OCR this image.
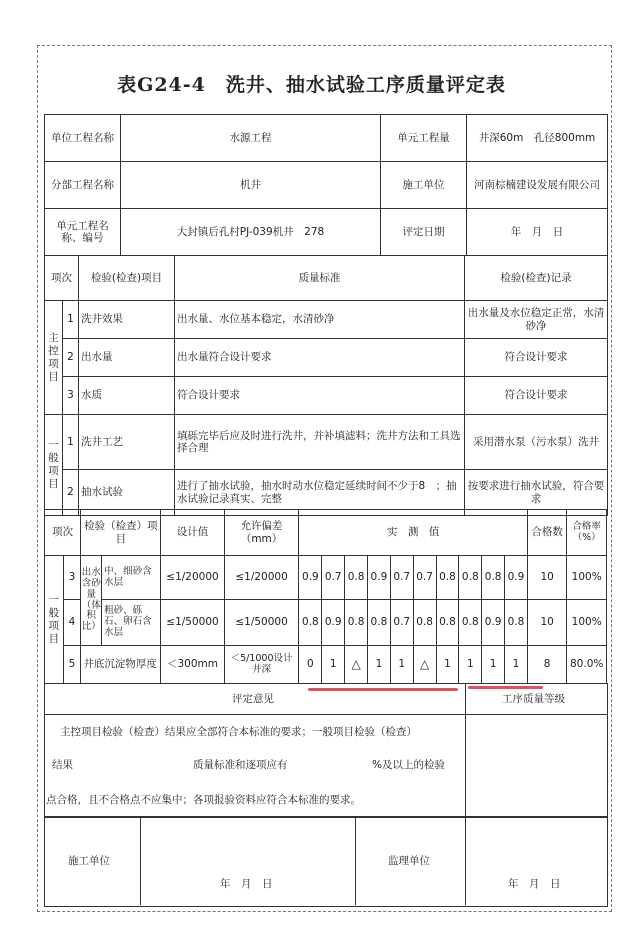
表G24-4　洗井、抽水试验工序质量评定表
单位工程名称	水源工程	单元工程量	井深60m　孔径800mm
分部工程名称	机井	施工单位	河南棕楠建设发展有限公司
单元工程名称、编号	大封镇后孔村PJ-039机井　278	评定日期	年　月　日
项次		检验(检查)项目	质量标准	检验(检查)记录
主控项目	1	洗井效果	出水量、水位基本稳定，水清砂净	出水量及水位稳定正常，水清砂净
	2	出水量	出水量符合设计要求	符合设计要求
	3	水质	符合设计要求	符合设计要求
一般项目	1	洗井工艺	填砾完毕后应及时进行洗井，并补填滤料；洗井方法和工具选择合理	采用潜水泵（污水泵）洗井
	2	抽水试验	进行了抽水试验，抽水时动水位稳定延续时间不少于8　；抽水试验记录真实、完整	按要求进行抽水试验，符合要求
项次		检验（检查）项目		设计值	允许偏差（mm）	实　测　值										合格数	合格率（%）
一般项目	3	出水含砂量（体积比）	中、细砂含水层	≤1/20000	≤1/20000	0.9	0.7	0.8	0.9	0.7	0.7	0.8	0.8	0.8	0.9	10	100%
	4		粗砂、砾石、卵石含水层	≤1/50000	≤1/50000	0.8	0.9	0.8	0.8	0.7	0.8	0.8	0.8	0.9	0.8	10	100%
	5	井底沉淀物厚度		＜300mm	＜5/1000设计井深	0	1	△	1	1	△	1	1	1	1	8	80.0%
评定意见	工序质量等级
主控项目检验（检查）结果应全部符合本标准的要求；一般项目检验（检查）
结果	质量标准和逐项应有	%及以上的检验
点合格，且不合格点不应集中；各项报验资料应符合本标准的要求。
施工单位
年　月　日
监理单位
年　月　日
